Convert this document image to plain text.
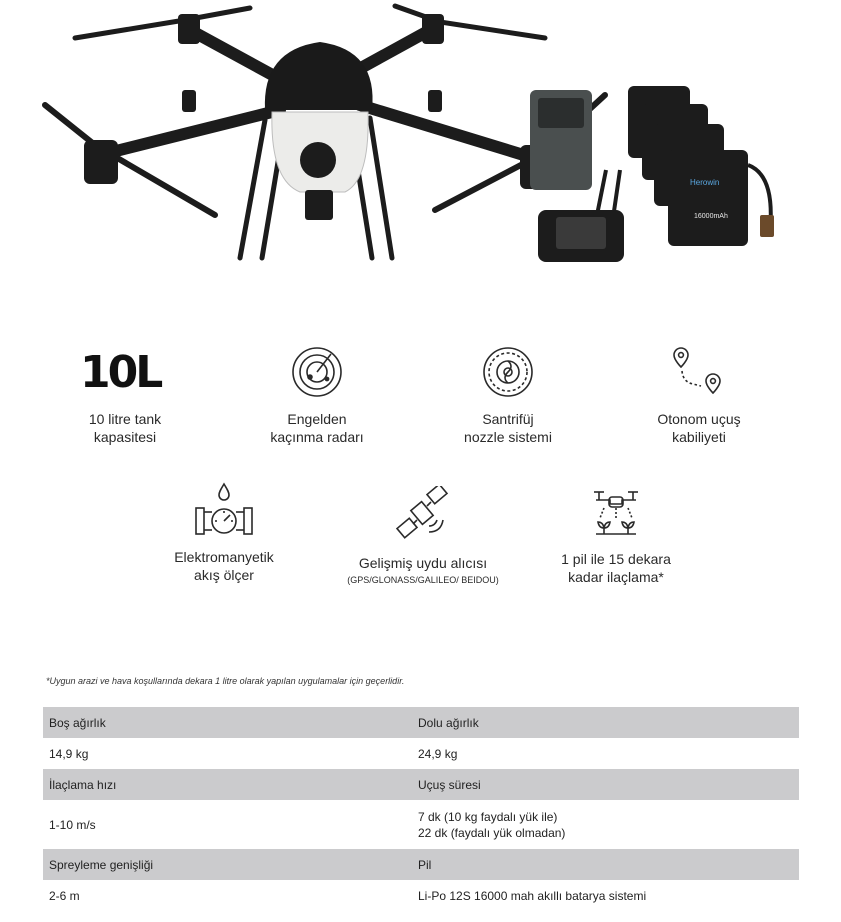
Herowin
16000mAh
10L
10 litre tank
kapasitesi
Engelden
kaçınma radarı
Santrifüj
nozzle sistemi
Otonom uçuş
kabiliyeti
Elektromanyetik
akış ölçer
Gelişmiş uydu alıcısı
(GPS/GLONASS/GALILEO/ BEIDOU)
1 pil ile 15 dekara
kadar ilaçlama*
*Uygun arazi ve hava koşullarında dekara 1 litre olarak yapılan uygulamalar için geçerlidir.
Boş ağırlık	Dolu ağırlık
14,9 kg	24,9 kg
İlaçlama hızı	Uçuş süresi
1-10 m/s	7 dk (10 kg faydalı yük ile)
22 dk (faydalı yük olmadan)
Spreyleme genişliği	Pil
2-6 m	Li-Po 12S 16000 mah akıllı batarya sistemi
